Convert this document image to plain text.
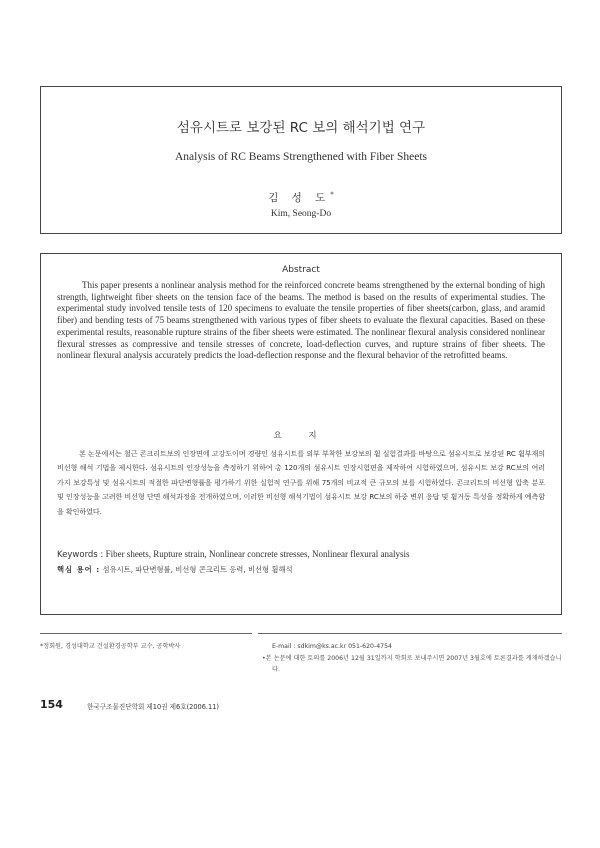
섬유시트로 보강된 RC 보의 해석기법 연구
Analysis of RC Beams Strengthened with Fiber Sheets
김 성 도*
Kim, Seong-Do
Abstract
This paper presents a nonlinear analysis method for the reinforced concrete beams strengthened by the external bonding of high strength, lightweight fiber sheets on the tension face of the beams. The method is based on the results of experimental studies. The experimental study involved tensile tests of 120 specimens to evaluate the tensile properties of fiber sheets(carbon, glass, and aramid fiber) and bending tests of 75 beams strengthened with various types of fiber sheets to evaluate the flexural capacities. Based on these experimental results, reasonable rupture strains of the fiber sheets were estimated. The nonlinear flexural analysis considered nonlinear flexural stresses as compressive and tensile stresses of concrete, load-deflection curves, and rupture strains of fiber sheets. The nonlinear flexural analysis accurately predicts the load-deflection response and the flexural behavior of the retrofitted beams.
요 지
본 논문에서는 철근 콘크리트보의 인장면에 고강도이며 경량인 섬유시트를 외부 부착한 보강보의 휨 실험결과를 바탕으로 섬유시트로 보강된 RC 휨부재의 비선형 해석 기법을 제시한다. 섬유시트의 인장성능을 측정하기 위하여 총 120개의 섬유시트 인장시험편을 제작하여 시험하였으며, 섬유시트 보강 RC보의 여러 가지 보강특성 및 섬유시트의 적절한 파단변형률을 평가하기 위한 실험적 연구를 위해 75개의 비교적 큰 규모의 보를 시험하였다. 콘크리트의 비선형 압축 분포 및 인장성능을 고려한 비선형 단면 해석과정을 전개하였으며, 이러한 비선형 해석기법이 섬유시트 보강 RC보의 하중 변위 응답 및 휨거동 특성을 정확하게 예측함을 확인하였다.
Keywords : Fiber sheets, Rupture strain, Nonlinear concrete stresses, Nonlinear flexural analysis
핵심 용어 : 섬유시트, 파단변형률, 비선형 콘크리트 응력, 비선형 휨해석
*정회원, 경성대학교 건설환경공학부 교수, 공학박사	E-mail : sdkim@ks.ac.kr 051-620-4754
•본 논문에 대한 토의를 2006년 12월 31일까지 학회로 보내주시면 2007년 3월호에 토론결과를 게재하겠습니다.
154	한국구조물진단학회 제10권 제6호(2006.11)
